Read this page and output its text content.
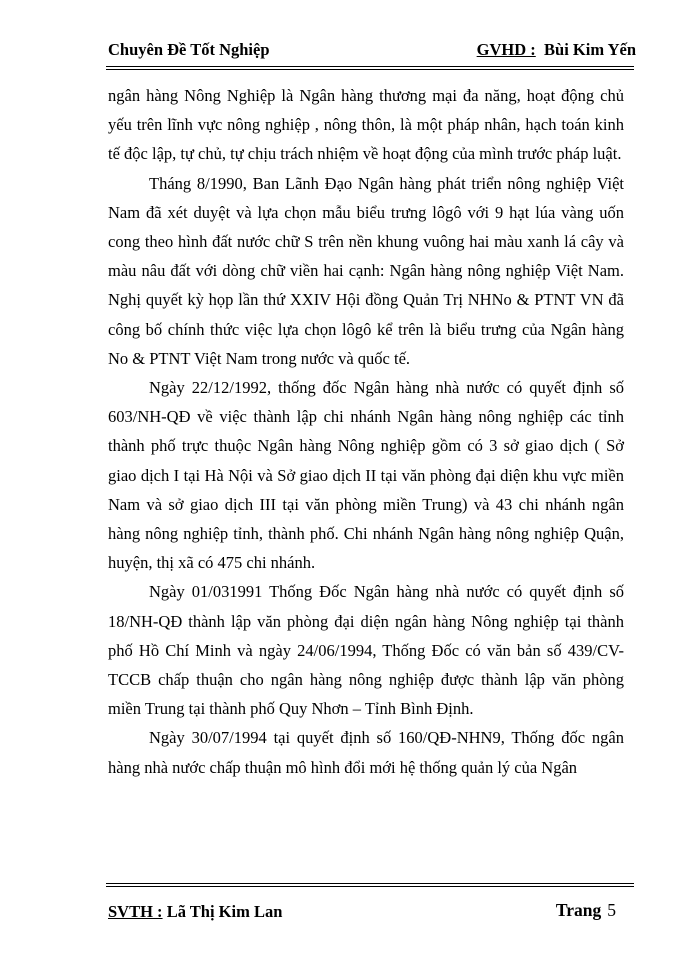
Chuyên Đề Tốt Nghiệp	GVHD : Bùi Kim Yến

ngân hàng Nông Nghiệp là Ngân hàng thương mại đa năng, hoạt động chủ yếu trên lĩnh vực nông nghiệp , nông thôn, là một pháp nhân, hạch toán kinh tế độc lập, tự chủ, tự chịu trách nhiệm về hoạt động của mình trước pháp luật.

Tháng 8/1990, Ban Lãnh Đạo Ngân hàng phát triển nông nghiệp Việt Nam đã xét duyệt và lựa chọn mẫu biểu trưng lôgô với 9 hạt lúa vàng uốn cong theo hình đất nước chữ S trên nền khung vuông hai màu xanh lá cây và màu nâu đất với dòng chữ viền hai cạnh: Ngân hàng nông nghiệp Việt Nam. Nghị quyết kỳ họp lần thứ XXIV Hội đồng Quản Trị NHNo & PTNT VN đã công bố chính thức việc lựa chọn lôgô kể trên là biểu trưng của Ngân hàng No & PTNT Việt Nam trong nước và quốc tế.

Ngày 22/12/1992, thống đốc Ngân hàng nhà nước có quyết định số 603/NH-QĐ về việc thành lập chi nhánh Ngân hàng nông nghiệp các tỉnh thành phố trực thuộc Ngân hàng Nông nghiệp gồm có 3 sở giao dịch ( Sở giao dịch I tại Hà Nội và Sở giao dịch II tại văn phòng đại diện khu vực miền Nam và sở giao dịch III tại văn phòng miền Trung) và 43 chi nhánh ngân hàng nông nghiệp tỉnh, thành phố. Chi nhánh Ngân hàng nông nghiệp Quận, huyện, thị xã có 475 chi nhánh.

Ngày 01/031991 Thống Đốc Ngân hàng nhà nước có quyết định số 18/NH-QĐ thành lập văn phòng đại diện ngân hàng Nông nghiệp tại thành phố Hồ Chí Minh và ngày 24/06/1994, Thống Đốc có văn bản số 439/CV-TCCB chấp thuận cho ngân hàng nông nghiệp được thành lập văn phòng miền Trung tại thành phố Quy Nhơn – Tỉnh Bình Định.

Ngày 30/07/1994 tại quyết định số 160/QĐ-NHN9, Thống đốc ngân hàng nhà nước chấp thuận mô hình đổi mới hệ thống quản lý của Ngân

SVTH : Lã Thị Kim Lan	Trang 5
